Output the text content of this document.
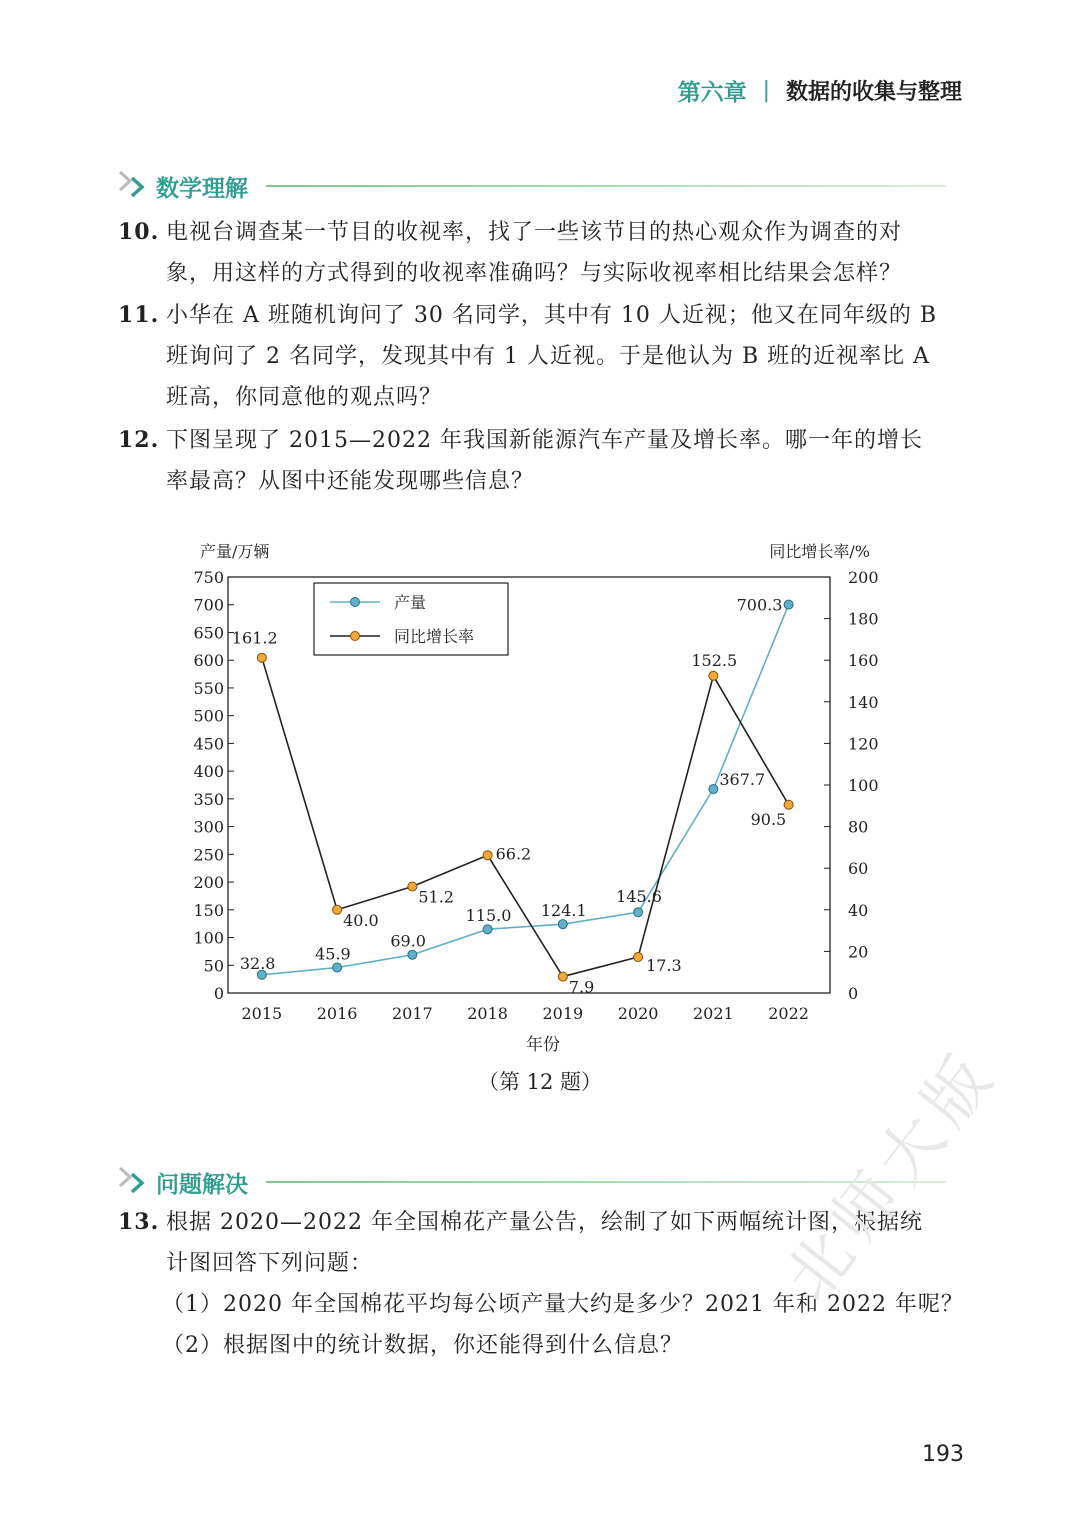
第六章 | 数据的收集与整理
数学理解
10. 电视台调查某一节目的收视率，找了一些该节目的热心观众作为调查的对
象，用这样的方式得到的收视率准确吗？与实际收视率相比结果会怎样？
11. 小华在 A 班随机询问了 30 名同学，其中有 10 人近视；他又在同年级的 B
班询问了 2 名同学，发现其中有 1 人近视。于是他认为 B 班的近视率比 A
班高，你同意他的观点吗？
12. 下图呈现了 2015—2022 年我国新能源汽车产量及增长率。哪一年的增长
率最高？从图中还能发现哪些信息？
产量/万辆	同比增长率/%
年份
0
50
100
150
200
250
300
350
400
450
500
550
600
650
700
750
0
20
40
60
80
100
120
140
160
180
200
2015 2016 2017 2018 2019 2020 2021 2022
32.8 45.9
69.0
115.0 124.1
145.6
367.7
700.3
161.2
40.0
51.2
66.2
7.9
17.3
152.5
90.5
产量
同比增长率
（第 12 题）
问题解决
13. 根据 2020—2022 年全国棉花产量公告，绘制了如下两幅统计图，根据统
计图回答下列问题：
（1）2020 年全国棉花平均每公顷产量大约是多少？2021 年和 2022 年呢？
（2）根据图中的统计数据，你还能得到什么信息？
北师大版
193
